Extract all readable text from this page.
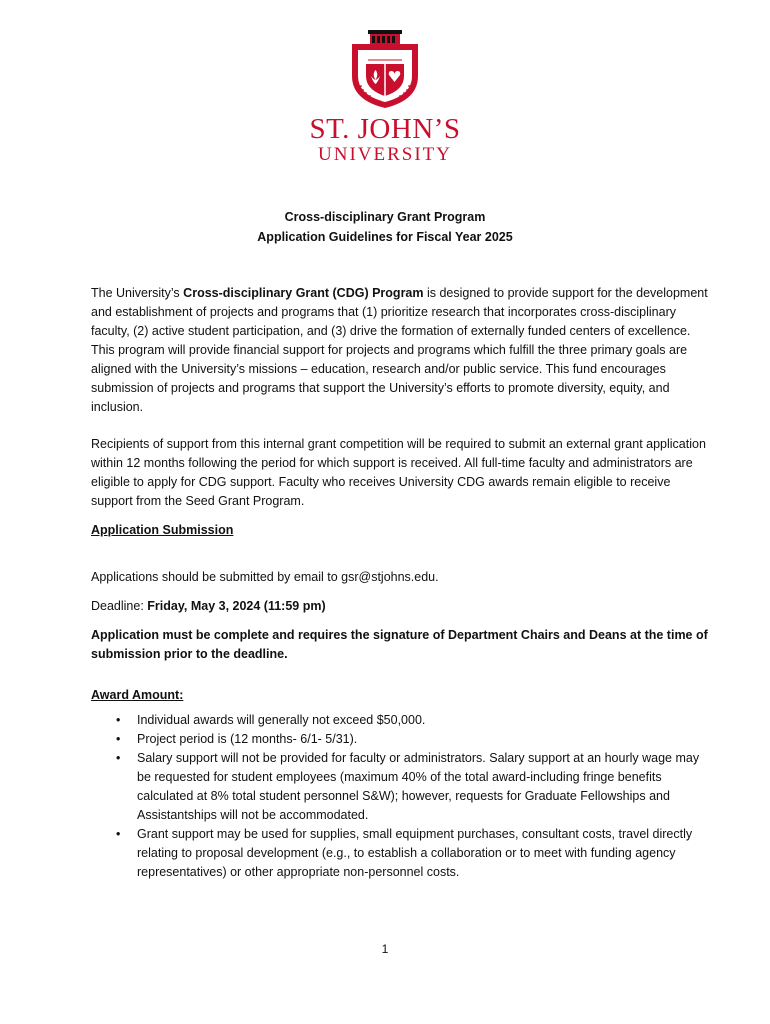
ST. JOHN’S
UNIVERSITY
Cross-disciplinary Grant Program
Application Guidelines for Fiscal Year 2025

The University’s Cross-disciplinary Grant (CDG) Program is designed to provide support for the development and establishment of projects and programs that (1) prioritize research that incorporates cross-disciplinary faculty, (2) active student participation, and (3) drive the formation of externally funded centers of excellence. This program will provide financial support for projects and programs which fulfill the three primary goals are aligned with the University’s missions – education, research and/or public service. This fund encourages submission of projects and programs that support the University’s efforts to promote diversity, equity, and inclusion.

Recipients of support from this internal grant competition will be required to submit an external grant application within 12 months following the period for which support is received. All full-time faculty and administrators are eligible to apply for CDG support. Faculty who receives University CDG awards remain eligible to receive support from the Seed Grant Program.

Application Submission

Applications should be submitted by email to gsr@stjohns.edu.

Deadline: Friday, May 3, 2024 (11:59 pm)

Application must be complete and requires the signature of Department Chairs and Deans at the time of submission prior to the deadline.

Award Amount:

• Individual awards will generally not exceed $50,000.
• Project period is (12 months- 6/1- 5/31).
• Salary support will not be provided for faculty or administrators. Salary support at an hourly wage may be requested for student employees (maximum 40% of the total award-including fringe benefits calculated at 8% total student personnel S&W); however, requests for Graduate Fellowships and Assistantships will not be accommodated.
• Grant support may be used for supplies, small equipment purchases, consultant costs, travel directly relating to proposal development (e.g., to establish a collaboration or to meet with funding agency representatives) or other appropriate non-personnel costs.
1
